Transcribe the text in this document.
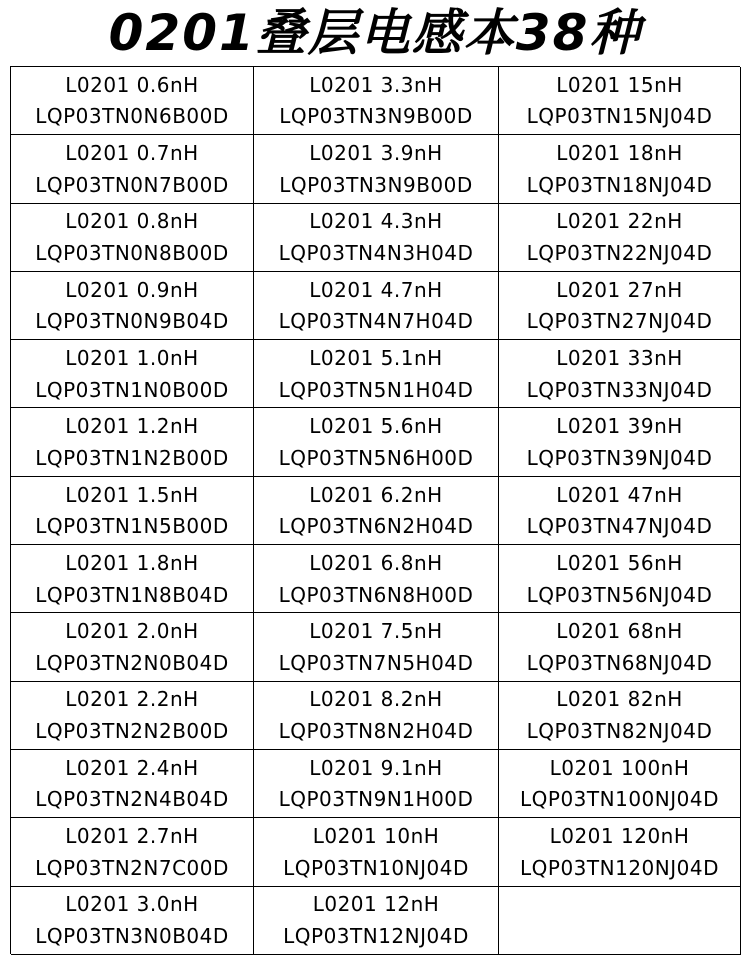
0201叠层电感本38种
L0201 0.6nH
LQP03TN0N6B00D
L0201 3.3nH
LQP03TN3N9B00D
L0201 15nH
LQP03TN15NJ04D
L0201 0.7nH
LQP03TN0N7B00D
L0201 3.9nH
LQP03TN3N9B00D
L0201 18nH
LQP03TN18NJ04D
L0201 0.8nH
LQP03TN0N8B00D
L0201 4.3nH
LQP03TN4N3H04D
L0201 22nH
LQP03TN22NJ04D
L0201 0.9nH
LQP03TN0N9B04D
L0201 4.7nH
LQP03TN4N7H04D
L0201 27nH
LQP03TN27NJ04D
L0201 1.0nH
LQP03TN1N0B00D
L0201 5.1nH
LQP03TN5N1H04D
L0201 33nH
LQP03TN33NJ04D
L0201 1.2nH
LQP03TN1N2B00D
L0201 5.6nH
LQP03TN5N6H00D
L0201 39nH
LQP03TN39NJ04D
L0201 1.5nH
LQP03TN1N5B00D
L0201 6.2nH
LQP03TN6N2H04D
L0201 47nH
LQP03TN47NJ04D
L0201 1.8nH
LQP03TN1N8B04D
L0201 6.8nH
LQP03TN6N8H00D
L0201 56nH
LQP03TN56NJ04D
L0201 2.0nH
LQP03TN2N0B04D
L0201 7.5nH
LQP03TN7N5H04D
L0201 68nH
LQP03TN68NJ04D
L0201 2.2nH
LQP03TN2N2B00D
L0201 8.2nH
LQP03TN8N2H04D
L0201 82nH
LQP03TN82NJ04D
L0201 2.4nH
LQP03TN2N4B04D
L0201 9.1nH
LQP03TN9N1H00D
L0201 100nH
LQP03TN100NJ04D
L0201 2.7nH
LQP03TN2N7C00D
L0201 10nH
LQP03TN10NJ04D
L0201 120nH
LQP03TN120NJ04D
L0201 3.0nH
LQP03TN3N0B04D
L0201 12nH
LQP03TN12NJ04D
